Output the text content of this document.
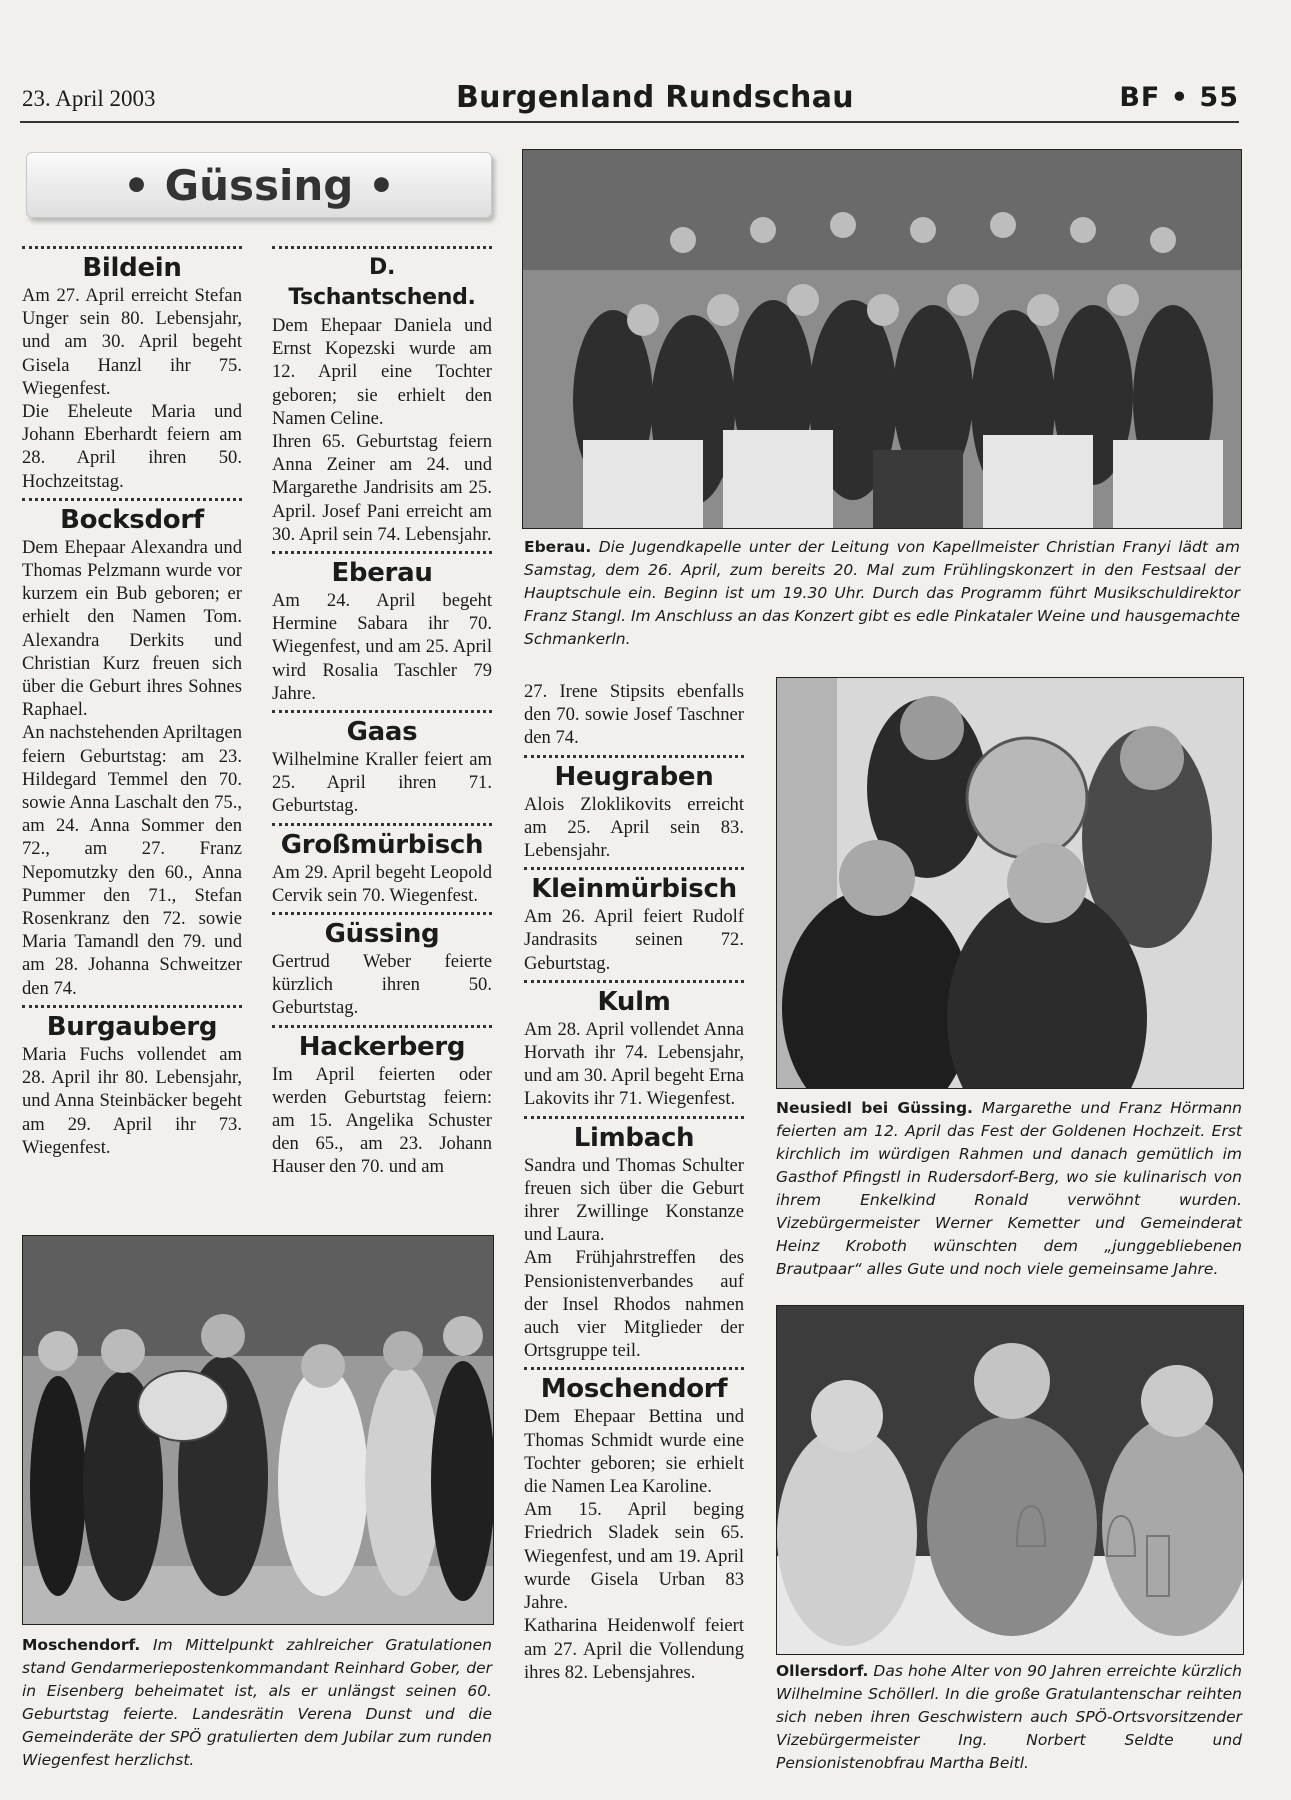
23. April 2003	Burgenland Rundschau	BF • 55
• Güssing •
Bildein

Am 27. April erreicht Stefan Unger sein 80. Lebensjahr, und am 30. April begeht Gisela Hanzl ihr 75. Wiegenfest.

Die Eheleute Maria und Johann Eberhardt feiern am 28. April ihren 50. Hochzeitstag.

Bocksdorf

Dem Ehepaar Alexandra und Thomas Pelzmann wurde vor kurzem ein Bub geboren; er erhielt den Namen Tom. Alexandra Derkits und Christian Kurz freuen sich über die Geburt ihres Sohnes Raphael.

An nachstehenden Apriltagen feiern Geburtstag: am 23. Hildegard Temmel den 70. sowie Anna Laschalt den 75., am 24. Anna Sommer den 72., am 27. Franz Nepomutzky den 60., Anna Pummer den 71., Stefan Rosenkranz den 72. sowie Maria Tamandl den 79. und am 28. Johanna Schweitzer den 74.

Burgauberg

Maria Fuchs vollendet am 28. April ihr 80. Lebensjahr, und Anna Steinbäcker begeht am 29. April ihr 73. Wiegenfest.

D. Tschantschend.

Dem Ehepaar Daniela und Ernst Kopezski wurde am 12. April eine Tochter geboren; sie erhielt den Namen Celine.

Ihren 65. Geburtstag feiern Anna Zeiner am 24. und Margarethe Jandrisits am 25. April. Josef Pani erreicht am 30. April sein 74. Lebensjahr.

Eberau

Am 24. April begeht Hermine Sabara ihr 70. Wiegenfest, und am 25. April wird Rosalia Taschler 79 Jahre.

Gaas

Wilhelmine Kraller feiert am 25. April ihren 71. Geburtstag.

Großmürbisch

Am 29. April begeht Leopold Cervik sein 70. Wiegenfest.

Güssing

Gertrud Weber feierte kürzlich ihren 50. Geburtstag.

Hackerberg

Im April feierten oder werden Geburtstag feiern: am 15. Angelika Schuster den 65., am 23. Johann Hauser den 70. und am

27. Irene Stipsits ebenfalls den 70. sowie Josef Taschner den 74.

Heugraben

Alois Zloklikovits erreicht am 25. April sein 83. Lebensjahr.

Kleinmürbisch

Am 26. April feiert Rudolf Jandrasits seinen 72. Geburtstag.

Kulm

Am 28. April vollendet Anna Horvath ihr 74. Lebensjahr, und am 30. April begeht Erna Lakovits ihr 71. Wiegenfest.

Limbach

Sandra und Thomas Schulter freuen sich über die Geburt ihrer Zwillinge Konstanze und Laura.

Am Frühjahrstreffen des Pensionistenverbandes auf der Insel Rhodos nahmen auch vier Mitglieder der Ortsgruppe teil.

Moschendorf

Dem Ehepaar Bettina und Thomas Schmidt wurde eine Tochter geboren; sie erhielt die Namen Lea Karoline.

Am 15. April beging Friedrich Sladek sein 65. Wiegenfest, und am 19. April wurde Gisela Urban 83 Jahre.

Katharina Heidenwolf feiert am 27. April die Vollendung ihres 82. Lebensjahres.

Eberau. Die Jugendkapelle unter der Leitung von Kapellmeister Christian Franyi lädt am Samstag, dem 26. April, zum bereits 20. Mal zum Frühlingskonzert in den Festsaal der Hauptschule ein. Beginn ist um 19.30 Uhr. Durch das Programm führt Musikschuldirektor Franz Stangl. Im Anschluss an das Konzert gibt es edle Pinkataler Weine und hausgemachte Schmankerln.
Neusiedl bei Güssing. Margarethe und Franz Hörmann feierten am 12. April das Fest der Goldenen Hochzeit. Erst kirchlich im würdigen Rahmen und danach gemütlich im Gasthof Pfingstl in Rudersdorf-Berg, wo sie kulinarisch von ihrem Enkelkind Ronald verwöhnt wurden. Vizebürgermeister Werner Kemetter und Gemeinderat Heinz Kroboth wünschten dem „junggebliebenen Brautpaar“ alles Gute und noch viele gemeinsame Jahre.
Moschendorf. Im Mittelpunkt zahlreicher Gratulationen stand Gendarmeriepostenkommandant Reinhard Gober, der in Eisenberg beheimatet ist, als er unlängst seinen 60. Geburtstag feierte. Landesrätin Verena Dunst und die Gemeinderäte der SPÖ gratulierten dem Jubilar zum runden Wiegenfest herzlichst.
Ollersdorf. Das hohe Alter von 90 Jahren erreichte kürzlich Wilhelmine Schöllerl. In die große Gratulantenschar reihten sich neben ihren Geschwistern auch SPÖ-Ortsvorsitzender Vizebürgermeister Ing. Norbert Seldte und Pensionistenobfrau Martha Beitl.
